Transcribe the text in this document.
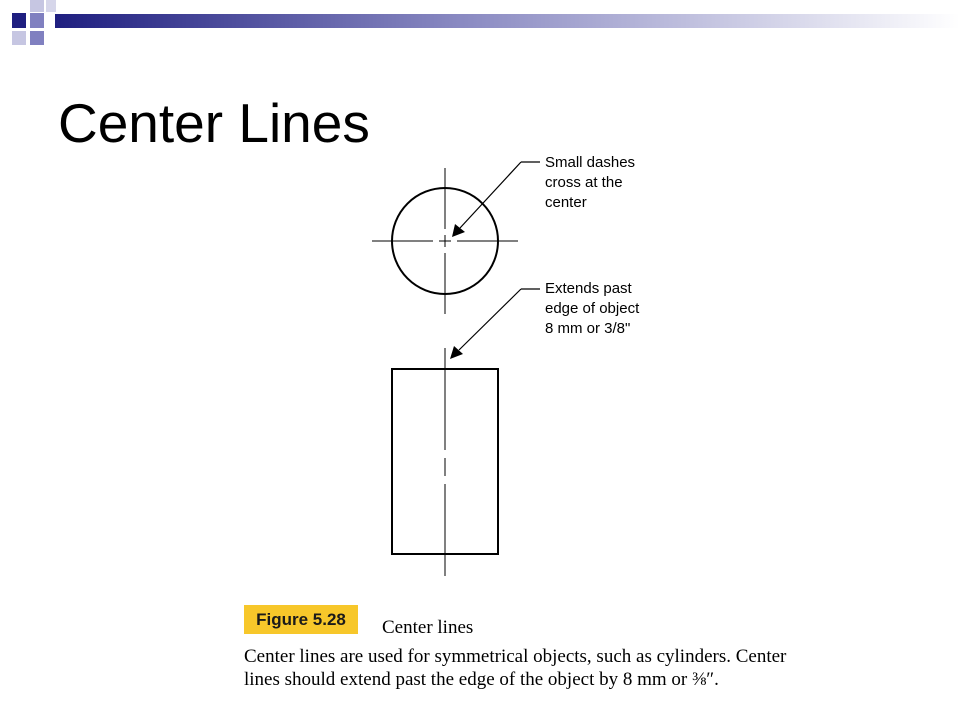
Center Lines
Small dashes
cross at the
center
Extends past
edge of object
8 mm or 3/8"
Figure 5.28	Center lines
Center lines are used for symmetrical objects, such as cylinders. Center lines should extend past the edge of the object by 8 mm or ⅜″.
